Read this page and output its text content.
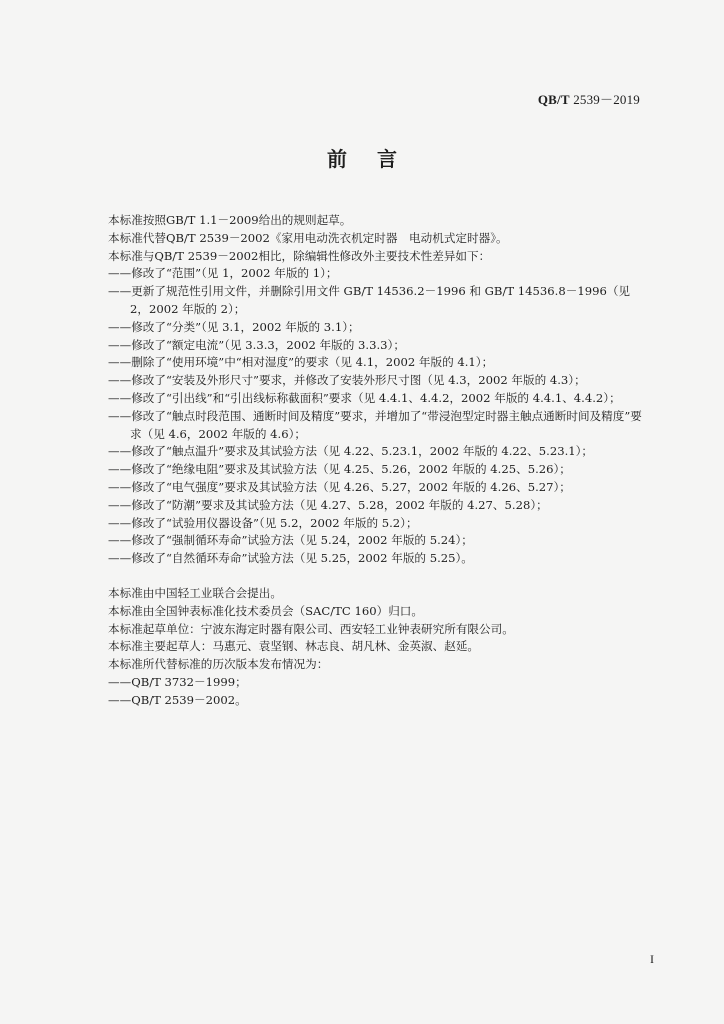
QB/T 2539－2019
前言
本标准按照GB/T 1.1－2009给出的规则起草。
本标准代替QB/T 2539－2002《家用电动洗衣机定时器　电动机式定时器》。
本标准与QB/T 2539－2002相比，除编辑性修改外主要技术性差异如下：
——修改了“范围”（见 1，2002 年版的 1）；
——更新了规范性引用文件，并删除引用文件 GB/T 14536.2－1996 和 GB/T 14536.8－1996（见 2，2002 年版的 2）；
——修改了“分类”（见 3.1，2002 年版的 3.1）；
——修改了“额定电流”（见 3.3.3，2002 年版的 3.3.3）；
——删除了“使用环境”中“相对湿度”的要求（见 4.1，2002 年版的 4.1）；
——修改了“安装及外形尺寸”要求，并修改了安装外形尺寸图（见 4.3，2002 年版的 4.3）；
——修改了“引出线”和“引出线标称截面积”要求（见 4.4.1、4.4.2，2002 年版的 4.4.1、4.4.2）；
——修改了“触点时段范围、通断时间及精度”要求，并增加了“带浸泡型定时器主触点通断时间及精度”要求（见 4.6，2002 年版的 4.6）；
——修改了“触点温升”要求及其试验方法（见 4.22、5.23.1，2002 年版的 4.22、5.23.1）；
——修改了“绝缘电阻”要求及其试验方法（见 4.25、5.26，2002 年版的 4.25、5.26）；
——修改了“电气强度”要求及其试验方法（见 4.26、5.27，2002 年版的 4.26、5.27）；
——修改了“防潮”要求及其试验方法（见 4.27、5.28，2002 年版的 4.27、5.28）；
——修改了“试验用仪器设备”（见 5.2，2002 年版的 5.2）；
——修改了“强制循环寿命”试验方法（见 5.24，2002 年版的 5.24）；
——修改了“自然循环寿命”试验方法（见 5.25，2002 年版的 5.25）。
本标准由中国轻工业联合会提出。
本标准由全国钟表标准化技术委员会（SAC/TC 160）归口。
本标准起草单位：宁波东海定时器有限公司、西安轻工业钟表研究所有限公司。
本标准主要起草人：马惠元、袁坚钢、林志良、胡凡林、金英淑、赵延。
本标准所代替标准的历次版本发布情况为：
——QB/T 3732－1999；
——QB/T 2539－2002。
I
